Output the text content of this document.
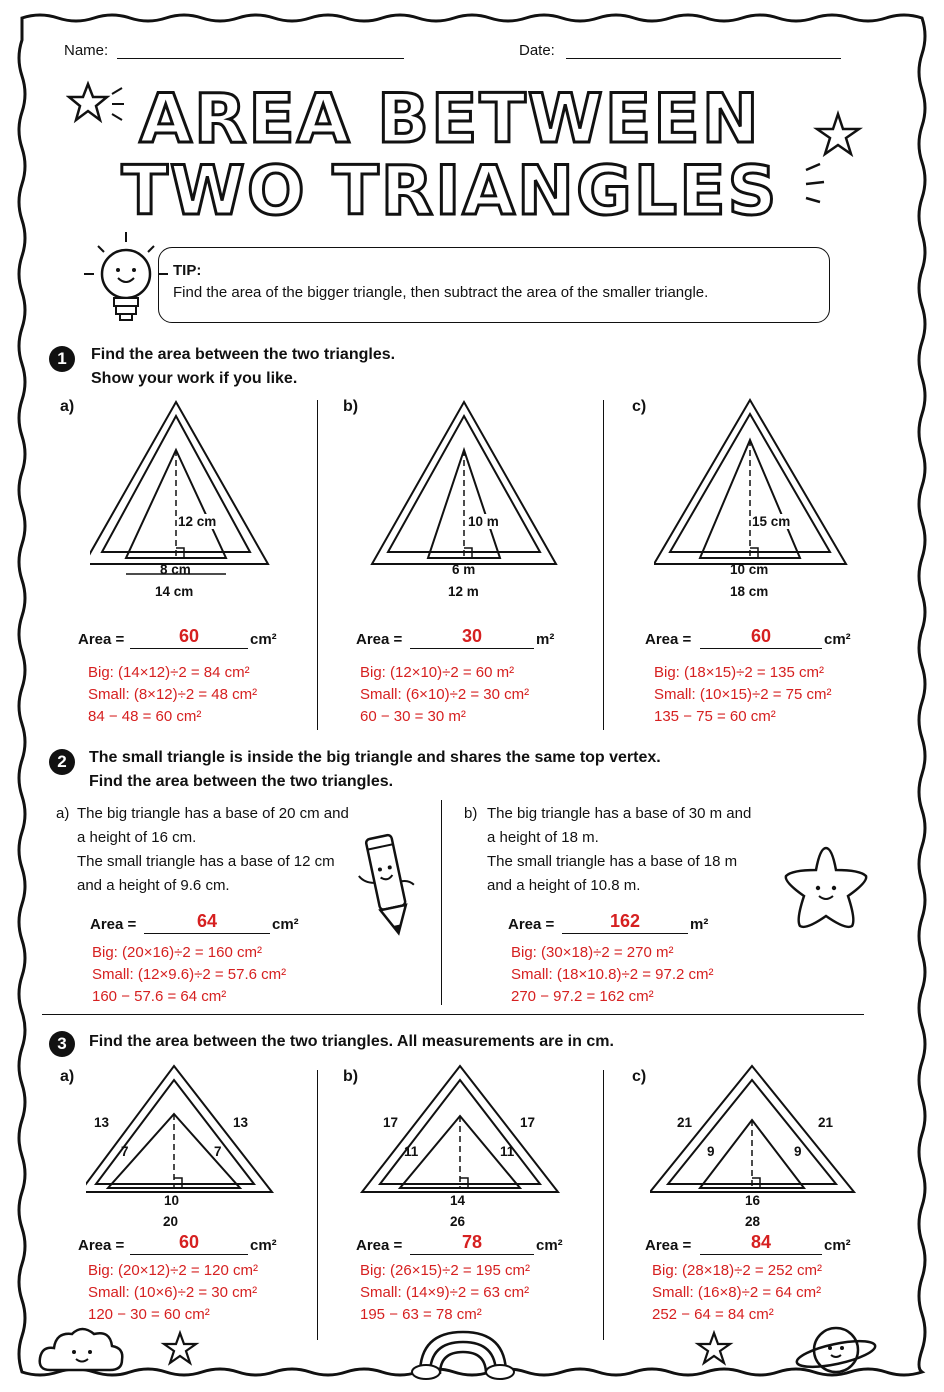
Name:	Date:
AREA BETWEEN
TWO TRIANGLES
TIP:
Find the area of the bigger triangle, then subtract the area of the smaller triangle.
1	Find the area between the two triangles.
Show your work if you like.
a)
12 cm
8 cm
14 cm
Area =	60	cm²
Big: (14×12)÷2 = 84 cm²
Small: (8×12)÷2 = 48 cm²
84 − 48 = 60 cm²
b)
10 m
6 m
12 m
Area =	30	m²
Big: (12×10)÷2 = 60 m²
Small: (6×10)÷2 = 30 cm²
60 − 30 = 30 m²
c)
15 cm
10 cm
18 cm
Area =	60	cm²
Big: (18×15)÷2 = 135 cm²
Small: (10×15)÷2 = 75 cm²
135 − 75 = 60 cm²
2	The small triangle is inside the big triangle and shares the same top vertex.
Find the area between the two triangles.
a) The big triangle has a base of 20 cm and
a height of 16 cm.
The small triangle has a base of 12 cm
and a height of 9.6 cm.
Area =	64	cm²
Big: (20×16)÷2 = 160 cm²
Small: (12×9.6)÷2 = 57.6 cm²
160 − 57.6 = 64 cm²
b) The big triangle has a base of 30 m and
a height of 18 m.
The small triangle has a base of 18 m
and a height of 10.8 m.
Area =	162	m²
Big: (30×18)÷2 = 270 m²
Small: (18×10.8)÷2 = 97.2 cm²
270 − 97.2 = 162 cm²
3	Find the area between the two triangles. All measurements are in cm.
a)
13	13
7	7
10
20
Area =	60	cm²
Big: (20×12)÷2 = 120 cm²
Small: (10×6)÷2 = 30 cm²
120 − 30 = 60 cm²
b)
17	17
11	11
14
26
Area =	78	cm²
Big: (26×15)÷2 = 195 cm²
Small: (14×9)÷2 = 63 cm²
195 − 63 = 78 cm²
c)
21	21
9	9
16
28
Area =	84	cm²
Big: (28×18)÷2 = 252 cm²
Small: (16×8)÷2 = 64 cm²
252 − 64 = 84 cm²
